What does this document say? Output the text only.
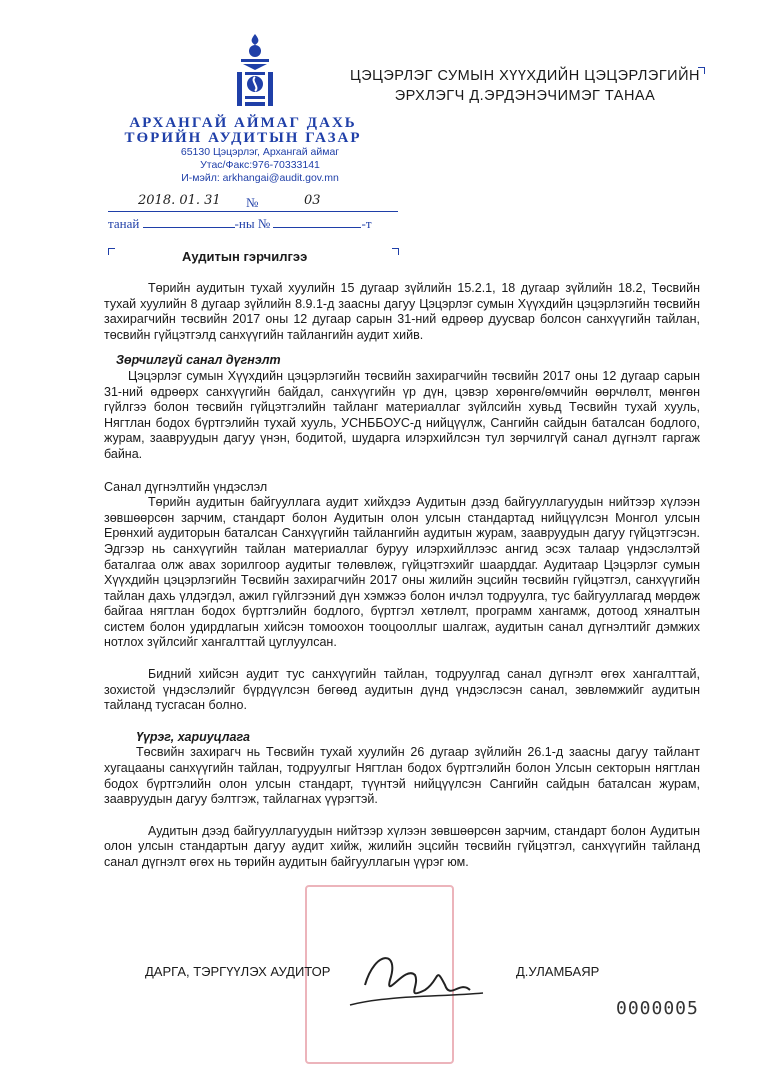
АРХАНГАЙ АЙМАГ ДАХЬ
ТӨРИЙН АУДИТЫН ГАЗАР
65130 Цэцэрлэг, Архангай аймаг
Утас/Факс:976-70333141
И-мэйл: arkhangai@audit.gov.mn
ЦЭЦЭРЛЭГ СУМЫН ХҮҮХДИЙН ЦЭЦЭРЛЭГИЙН
ЭРХЛЭГЧ Д.ЭРДЭНЭЧИМЭГ ТАНАА
2018. 01. 31 №	03
танай	-ны №	-т
Аудитын гэрчилгээ

Төрийн аудитын тухай хуулийн 15 дугаар зүйлийн 15.2.1, 18 дугаар зүйлийн 18.2, Төсвийн тухай хуулийн 8 дугаар зүйлийн 8.9.1-д заасны дагуу Цэцэрлэг сумын Хүүхдийн цэцэрлэгийн төсвийн захирагчийн төсвийн 2017 оны 12 дугаар сарын 31-ний өдрөөр дуусвар болсон санхүүгийн тайлан, төсвийн гүйцэтгэлд санхүүгийн тайлангийн аудит хийв.

Зөрчилгүй санал дүгнэлт

Цэцэрлэг сумын Хүүхдийн цэцэрлэгийн төсвийн захирагчийн төсвийн 2017 оны 12 дугаар сарын 31-ний өдрөөрх санхүүгийн байдал, санхүүгийн үр дүн, цэвэр хөрөнгө/өмчийн өөрчлөлт, мөнгөн гүйлгээ болон төсвийн гүйцэтгэлийн тайланг материаллаг зүйлсийн хувьд Төсвийн тухай хууль, Нягтлан бодох бүртгэлийн тухай хууль, УСНББОУС-д нийцүүлж, Сангийн сайдын баталсан бодлого, журам, заавруудын дагуу үнэн, бодитой, шударга илэрхийлсэн тул зөрчилгүй санал дүгнэлт гаргаж байна.

Санал дүгнэлтийн үндэслэл

Төрийн аудитын байгууллага аудит хийхдээ Аудитын дээд байгууллагуудын нийтээр хүлээн зөвшөөрсөн зарчим, стандарт болон Аудитын олон улсын стандартад нийцүүлсэн Монгол улсын Ерөнхий аудиторын баталсан Санхүүгийн тайлангийн аудитын журам, заавруудын дагуу гүйцэтгэсэн. Эдгээр нь санхүүгийн тайлан материаллаг буруу илэрхийллээс ангид эсэх талаар үндэслэлтэй баталгаа олж авах зорилгоор аудитыг төлөвлөж, гүйцэтгэхийг шаарддаг. Аудитаар Цэцэрлэг сумын Хүүхдийн цэцэрлэгийн Төсвийн захирагчийн 2017 оны жилийн эцсийн төсвийн гүйцэтгэл, санхүүгийн тайлан дахь үлдэгдэл, ажил гүйлгээний дүн хэмжээ болон ичлэл тодруулга, тус байгууллагад мөрдөж байгаа нягтлан бодох бүртгэлийн бодлого, бүртгэл хөтлөлт, программ хангамж, дотоод хяналтын систем болон удирдлагын хийсэн томоохон тооцооллыг шалгаж, аудитын санал дүгнэлтийг дэмжих нотлох зүйлсийг хангалттай цуглуулсан.

Бидний хийсэн аудит тус санхүүгийн тайлан, тодруулгад санал дүгнэлт өгөх хангалттай, зохистой үндэслэлийг бүрдүүлсэн бөгөөд аудитын дүнд үндэслэсэн санал, зөвлөмжийг аудитын тайланд тусгасан болно.

Үүрэг, хариуцлага

Төсвийн захирагч нь Төсвийн тухай хуулийн 26 дугаар зүйлийн 26.1-д заасны дагуу тайлант хугацааны санхүүгийн тайлан, тодруулгыг Нягтлан бодох бүртгэлийн болон Улсын секторын нягтлан бодох бүртгэлийн олон улсын стандарт, түүнтэй нийцүүлсэн Сангийн сайдын баталсан журам, заавруудын дагуу бэлтгэж, тайлагнах үүрэгтэй.

Аудитын дээд байгууллагуудын нийтээр хүлээн зөвшөөрсөн зарчим, стандарт болон Аудитын олон улсын стандартын дагуу аудит хийж, жилийн эцсийн төсвийн гүйцэтгэл, санхүүгийн тайланд санал дүгнэлт өгөх нь төрийн аудитын байгууллагын үүрэг юм.

ДАРГА, ТЭРГҮҮЛЭХ АУДИТОР	Д.УЛАМБАЯР
0000005
